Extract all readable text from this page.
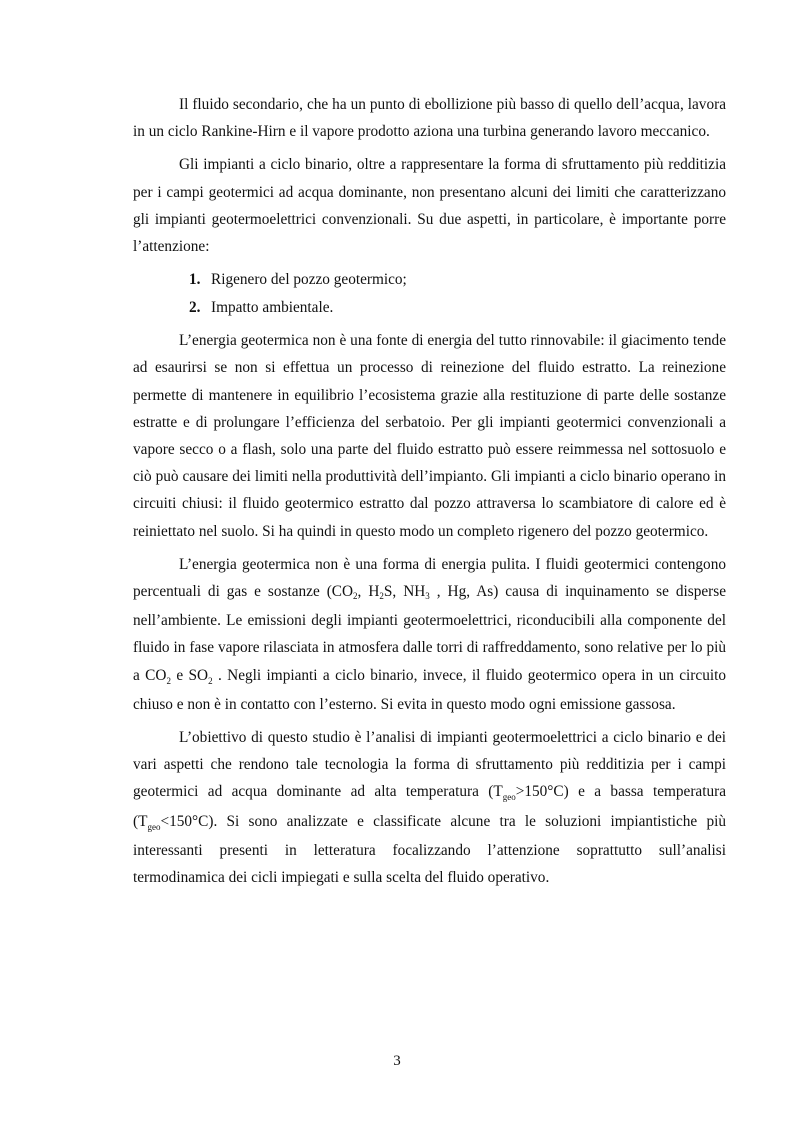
Il fluido secondario, che ha un punto di ebollizione più basso di quello dell’acqua, lavora in un ciclo Rankine-Hirn e il vapore prodotto aziona una turbina generando lavoro meccanico.

Gli impianti a ciclo binario, oltre a rappresentare la forma di sfruttamento più redditizia per i campi geotermici ad acqua dominante, non presentano alcuni dei limiti che caratterizzano gli impianti geotermoelettrici convenzionali. Su due aspetti, in particolare, è importante porre l’attenzione:

1. Rigenero del pozzo geotermico;
2. Impatto ambientale.

L’energia geotermica non è una fonte di energia del tutto rinnovabile: il giacimento tende ad esaurirsi se non si effettua un processo di reinezione del fluido estratto. La reinezione permette di mantenere in equilibrio l’ecosistema grazie alla restituzione di parte delle sostanze estratte e di prolungare l’efficienza del serbatoio. Per gli impianti geotermici convenzionali a vapore secco o a flash, solo una parte del fluido estratto può essere reimmessa nel sottosuolo e ciò può causare dei limiti nella produttività dell’impianto. Gli impianti a ciclo binario operano in circuiti chiusi: il fluido geotermico estratto dal pozzo attraversa lo scambiatore di calore ed è reiniettato nel suolo. Si ha quindi in questo modo un completo rigenero del pozzo geotermico.

L’energia geotermica non è una forma di energia pulita. I fluidi geotermici contengono percentuali di gas e sostanze (CO2, H2S, NH3 , Hg, As) causa di inquinamento se disperse nell’ambiente. Le emissioni degli impianti geotermoelettrici, riconducibili alla componente del fluido in fase vapore rilasciata in atmosfera dalle torri di raffreddamento, sono relative per lo più a $CO_2$ e $SO_2$ . Negli impianti a ciclo binario, invece, il fluido geotermico opera in un circuito chiuso e non è in contatto con l’esterno. Si evita in questo modo ogni emissione gassosa.

L’obiettivo di questo studio è l’analisi di impianti geotermoelettrici a ciclo binario e dei vari aspetti che rendono tale tecnologia la forma di sfruttamento più redditizia per i campi geotermici ad acqua dominante ad alta temperatura $(T_{geo}>150^\circ C)$ e a bassa temperatura $(T_{geo}<150^\circ C)$. Si sono analizzate e classificate alcune tra le soluzioni impiantistiche più interessanti presenti in letteratura focalizzando l’attenzione soprattutto sull’analisi termodinamica dei cicli impiegati e sulla scelta del fluido operativo.

3
